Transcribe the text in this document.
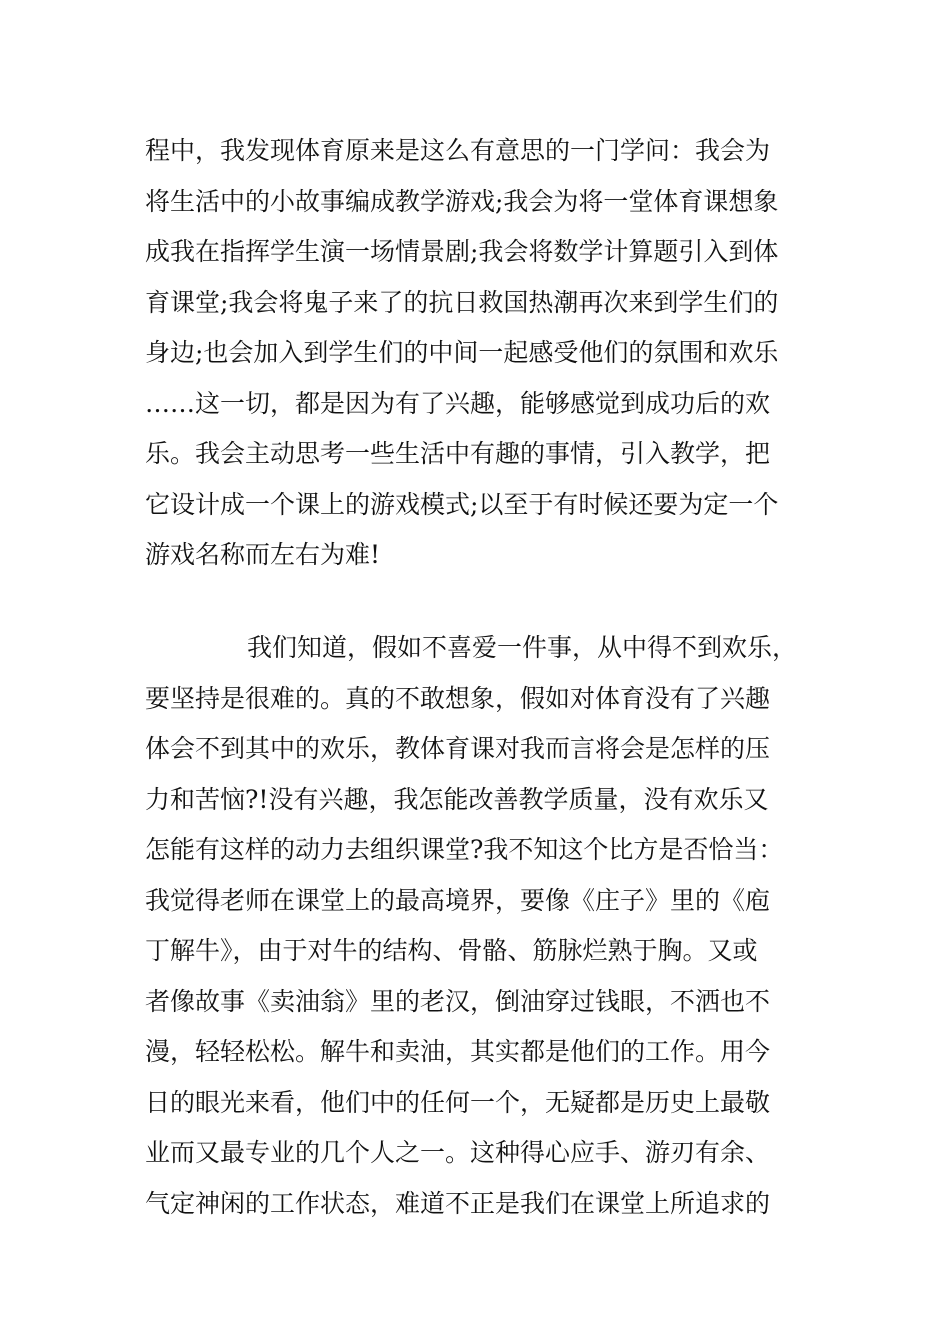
程中，我发现体育原来是这么有意思的一门学问：我会为
将生活中的小故事编成教学游戏;我会为将一堂体育课想象
成我在指挥学生演一场情景剧;我会将数学计算题引入到体
育课堂;我会将鬼子来了的抗日救国热潮再次来到学生们的
身边;也会加入到学生们的中间一起感受他们的氛围和欢乐
……这一切，都是因为有了兴趣，能够感觉到成功后的欢
乐。我会主动思考一些生活中有趣的事情，引入教学，把
它设计成一个课上的游戏模式;以至于有时候还要为定一个
游戏名称而左右为难!

我们知道，假如不喜爱一件事，从中得不到欢乐，
要坚持是很难的。真的不敢想象，假如对体育没有了兴趣
体会不到其中的欢乐，教体育课对我而言将会是怎样的压
力和苦恼?!没有兴趣，我怎能改善教学质量，没有欢乐又
怎能有这样的动力去组织课堂?我不知这个比方是否恰当：
我觉得老师在课堂上的最高境界，要像《庄子》里的《庖
丁解牛》，由于对牛的结构、骨骼、筋脉烂熟于胸。又或
者像故事《卖油翁》里的老汉，倒油穿过钱眼，不洒也不
漫，轻轻松松。解牛和卖油，其实都是他们的工作。用今
日的眼光来看，他们中的任何一个，无疑都是历史上最敬
业而又最专业的几个人之一。这种得心应手、游刃有余、
气定神闲的工作状态，难道不正是我们在课堂上所追求的
